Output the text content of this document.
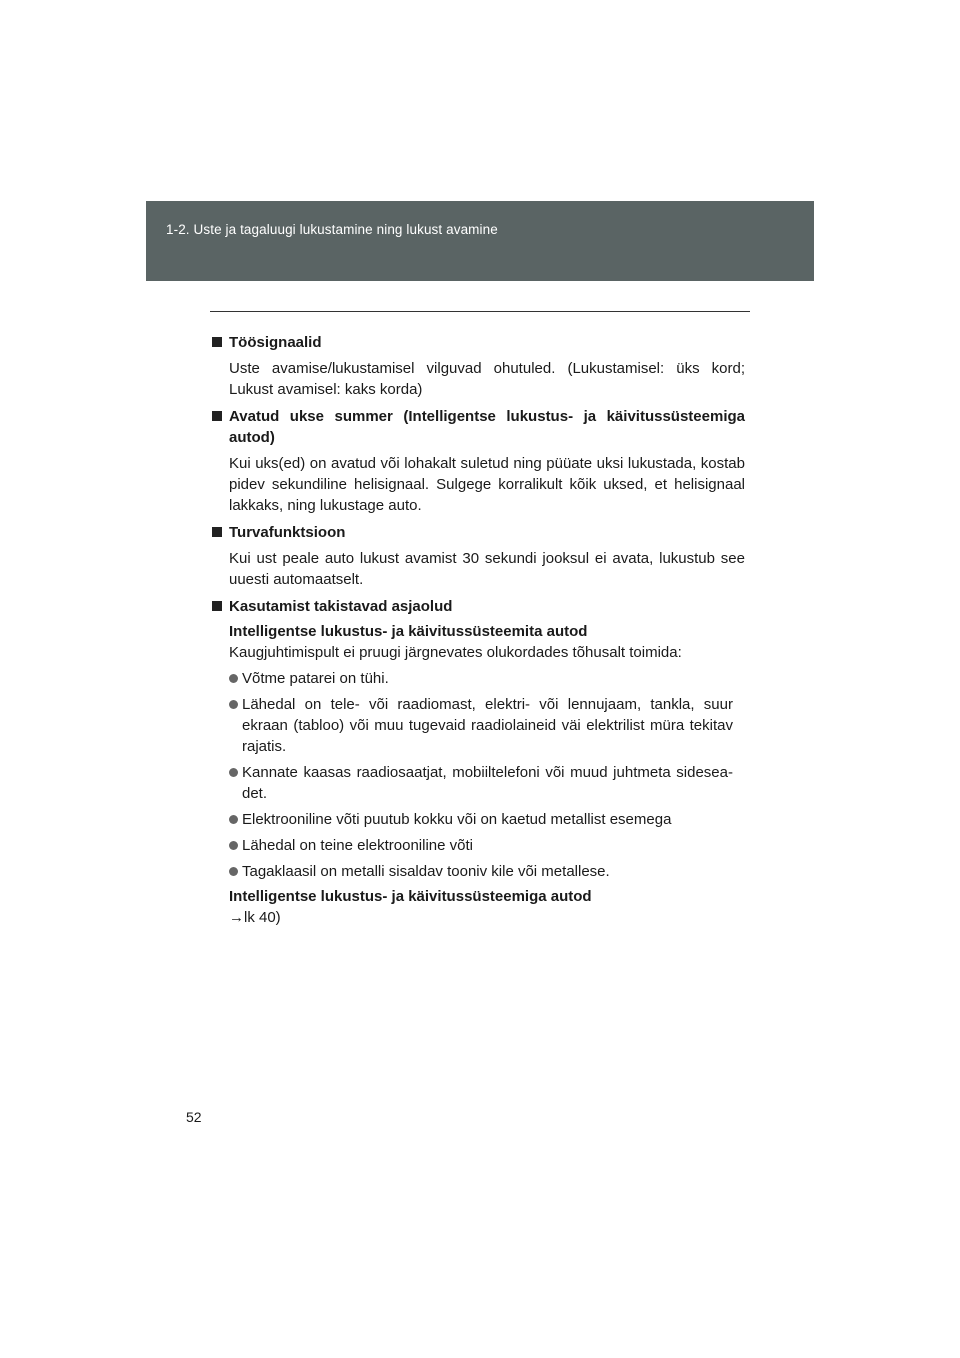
1-2. Uste ja tagaluugi lukustamine ning lukust avamine
Töösignaalid
Uste avamise/lukustamisel vilguvad ohutuled. (Lukustamisel: üks kord; Lukust avamisel: kaks korda)
Avatud ukse summer (Intelligentse lukustus- ja käivitussüsteemiga autod)
Kui uks(ed) on avatud või lohakalt suletud ning püüate uksi lukustada, kostab pidev sekundiline helisignaal. Sulgege korralikult kõik uksed, et helisignaal lakkaks, ning lukustage auto.
Turvafunktsioon
Kui ust peale auto lukust avamist 30 sekundi jooksul ei avata, lukustub see uuesti automaatselt.
Kasutamist takistavad asjaolud
Intelligentse lukustus- ja käivitussüsteemita autod
Kaugjuhtimispult ei pruugi järgnevates olukordades tõhusalt toimida:
Võtme patarei on tühi.
Lähedal on tele- või raadiomast, elektri- või lennujaam, tankla, suur ekraan (tabloo) või muu tugevaid raadiolaineid väi elektrilist müra tekitav rajatis.
Kannate kaasas raadiosaatjat, mobiiltelefoni või muud juhtmeta sidesea- det.
Elektrooniline võti puutub kokku või on kaetud metallist esemega
Lähedal on teine elektrooniline võti
Tagaklaasil on metalli sisaldav tooniv kile või metallese.
Intelligentse lukustus- ja käivitussüsteemiga autod
→lk 40)
52
